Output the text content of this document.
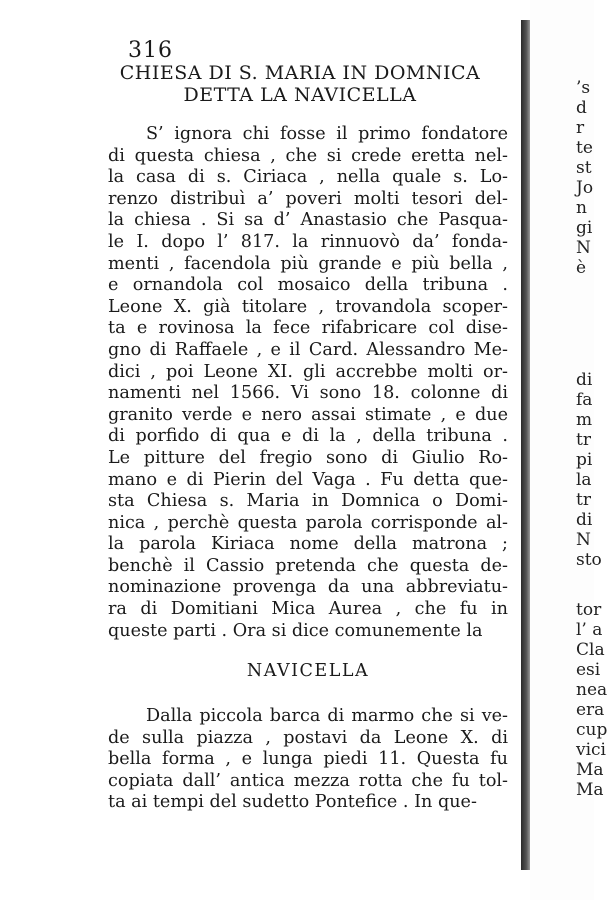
316
CHIESA DI S. MARIA IN DOMNICA
DETTA LA NAVICELLA
S’ ignora chi fosse il primo fondatore
di questa chiesa , che si crede eretta nel-
la casa di s. Ciriaca , nella quale s. Lo-
renzo distribuì a’ poveri molti tesori del-
la chiesa . Si sa d’ Anastasio che Pasqua-
le I. dopo l’ 817. la rinnuovò da’ fonda-
menti , facendola più grande e più bella ,
e ornandola col mosaico della tribuna .
Leone X. già titolare , trovandola scoper-
ta e rovinosa la fece rifabricare col dise-
gno di Raffaele , e il Card. Alessandro Me-
dici , poi Leone XI. gli accrebbe molti or-
namenti nel 1566. Vi sono 18. colonne di
granito verde e nero assai stimate , e due
di porfido di qua e di la , della tribuna .
Le pitture del fregio sono di Giulio Ro-
mano e di Pierin del Vaga . Fu detta que-
sta Chiesa s. Maria in Domnica o Domi-
nica , perchè questa parola corrisponde al-
la parola Kiriaca nome della matrona ;
benchè il Cassio pretenda che questa de-
nominazione provenga da una abbreviatu-
ra di Domitiani Mica Aurea , che fu in
queste parti . Ora si dice comunemente la
NAVICELLA
Dalla piccola barca di marmo che si ve-
de sulla piazza , postavi da Leone X. di
bella forma , e lunga piedi 11. Questa fu
copiata dall’ antica mezza rotta che fu tol-
ta ai tempi del sudetto Pontefice . In que-
’s
d
r
te
st
Jo
n
gi
N
è
di
fa
m
tr
pi
la
tr
di
N
sto
tor
l’ a
Cla
esi
nea
era
cup
vici
Ma
Ma
